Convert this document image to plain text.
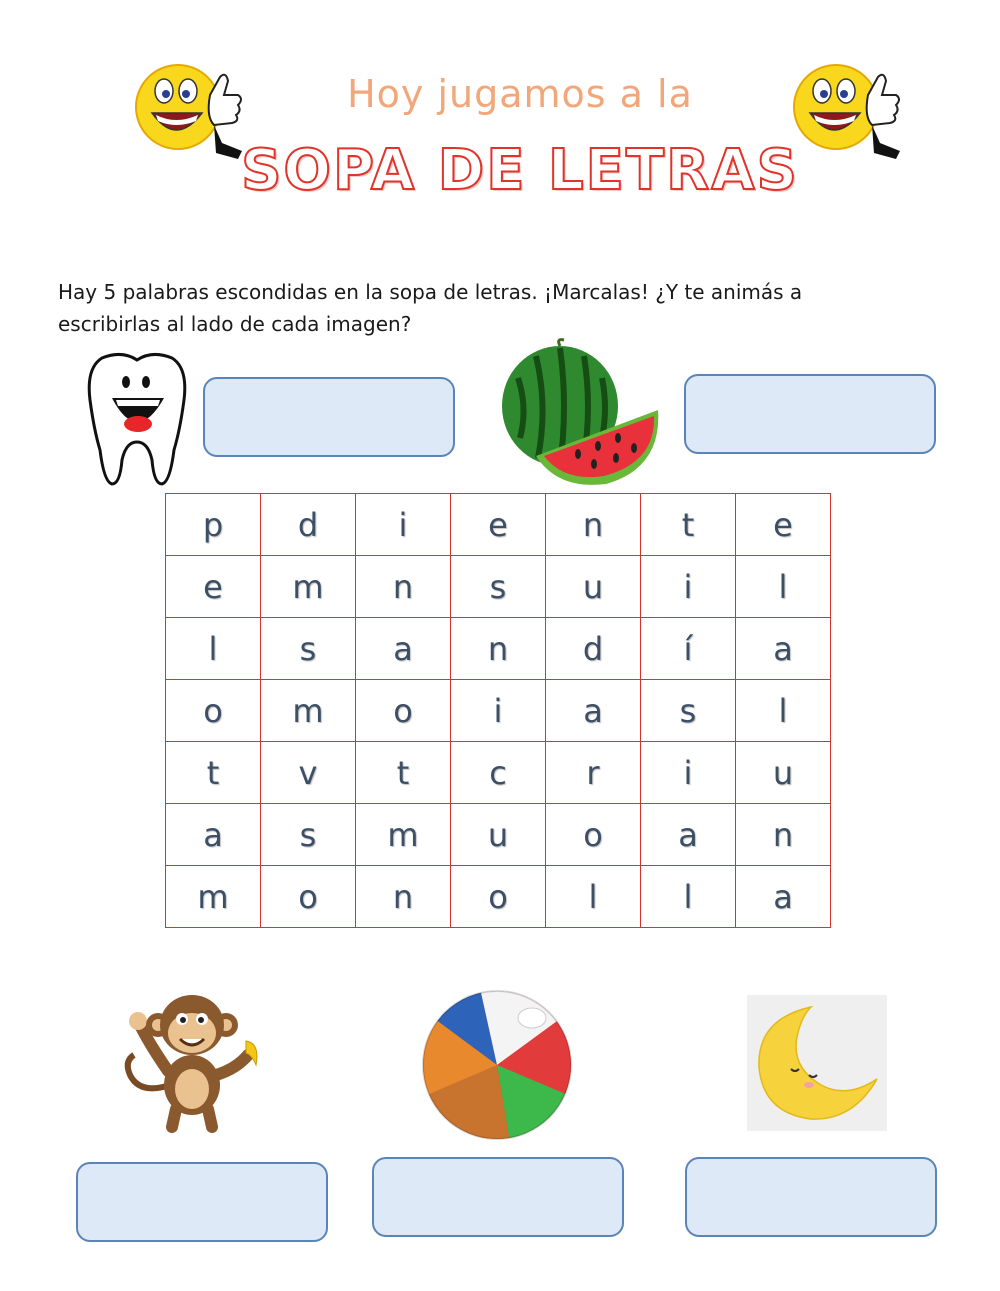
Hoy jugamos a la
SOPA DE LETRAS
Hay 5 palabras escondidas en la sopa de letras. ¡Marcalas! ¿Y te animás a escribirlas al lado de cada imagen?
p	d	i	e	n	t	e
e	m	n	s	u	i	l
l	s	a	n	d	í	a
o	m	o	i	a	s	l
t	v	t	c	r	i	u
a	s	m	u	o	a	n
m	o	n	o	l	l	a
